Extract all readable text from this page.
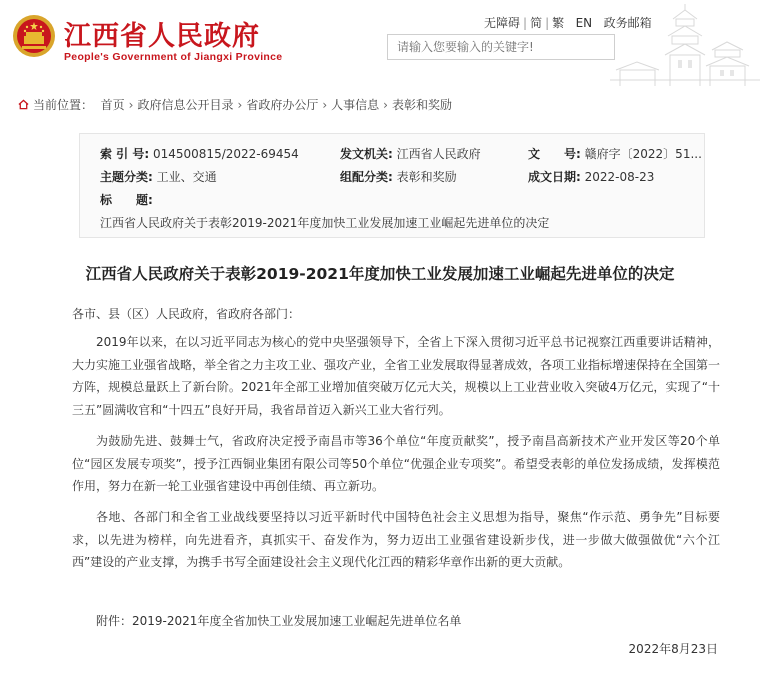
江西省人民政府
People's Government of Jiangxi Province
无障碍 | 简 | 繁 EN 政务邮箱
请输入您要输入的关键字!
当前位置： 首页 › 政府信息公开目录 › 省政府办公厅 › 人事信息 › 表彰和奖励
索 引 号: 014500815/2022-69454	发文机关: 江西省人民政府	文　　号: 赣府字〔2022〕51...
主题分类: 工业、交通	组配分类: 表彰和奖励	成文日期: 2022-08-23
标　　题:
江西省人民政府关于表彰2019-2021年度加快工业发展加速工业崛起先进单位的决定
江西省人民政府关于表彰2019-2021年度加快工业发展加速工业崛起先进单位的决定
各市、县（区）人民政府，省政府各部门：
2019年以来，在以习近平同志为核心的党中央坚强领导下，全省上下深入贯彻习近平总书记视察江西重要讲话精神，大力实施工业强省战略，举全省之力主攻工业、强攻产业，全省工业发展取得显著成效，各项工业指标增速保持在全国第一方阵，规模总量跃上了新台阶。2021年全部工业增加值突破万亿元大关，规模以上工业营业收入突破4万亿元，实现了“十三五”圆满收官和“十四五”良好开局，我省昂首迈入新兴工业大省行列。
为鼓励先进、鼓舞士气，省政府决定授予南昌市等36个单位“年度贡献奖”，授予南昌高新技术产业开发区等20个单位“园区发展专项奖”，授予江西铜业集团有限公司等50个单位“优强企业专项奖”。希望受表彰的单位发扬成绩，发挥模范作用，努力在新一轮工业强省建设中再创佳绩、再立新功。
各地、各部门和全省工业战线要坚持以习近平新时代中国特色社会主义思想为指导，聚焦“作示范、勇争先”目标要求，以先进为榜样，向先进看齐，真抓实干、奋发作为，努力迈出工业强省建设新步伐，进一步做大做强做优“六个江西”建设的产业支撑，为携手书写全面建设社会主义现代化江西的精彩华章作出新的更大贡献。
附件：2019-2021年度全省加快工业发展加速工业崛起先进单位名单
2022年8月23日
